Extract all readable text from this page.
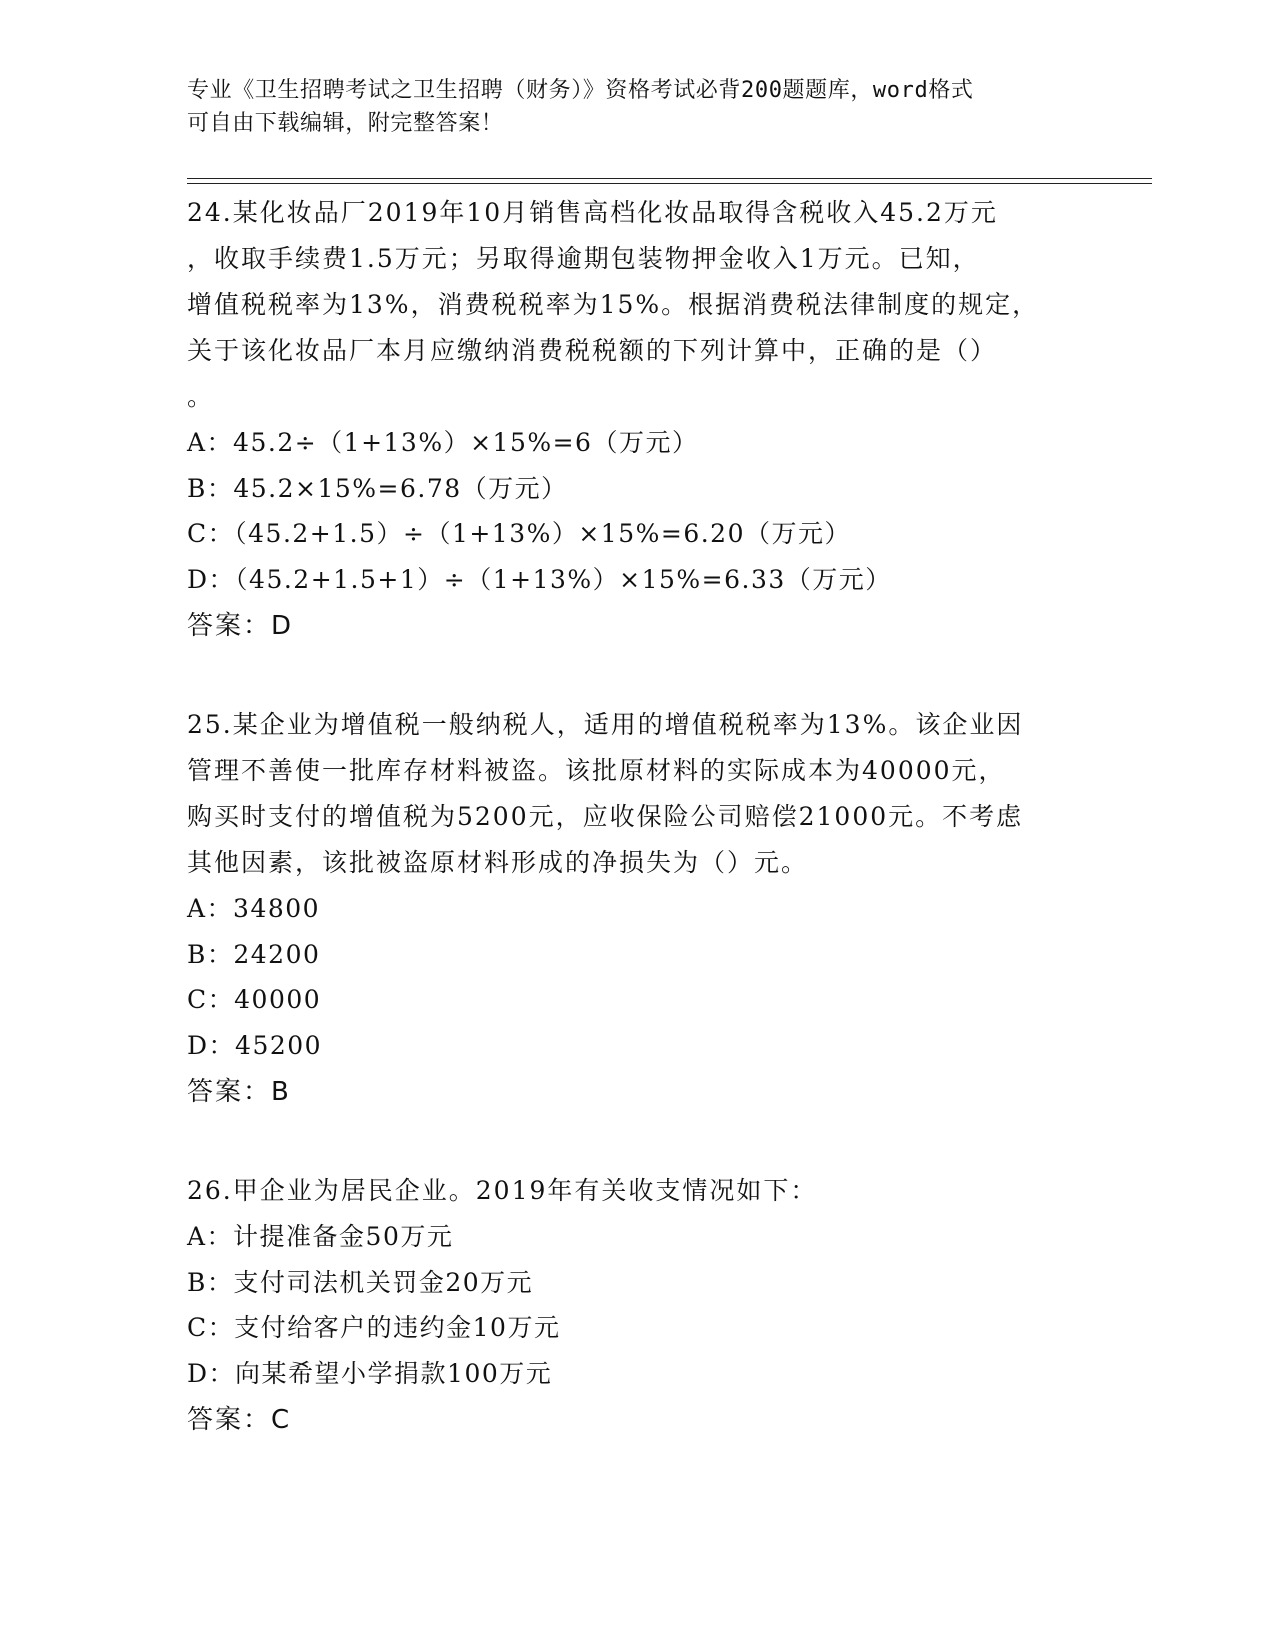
专业《卫生招聘考试之卫生招聘（财务）》资格考试必背200题题库，word格式
可自由下载编辑，附完整答案！

24.某化妆品厂2019年10月销售高档化妆品取得含税收入45.2万元

，收取手续费1.5万元；另取得逾期包装物押金收入1万元。已知，

增值税税率为13%，消费税税率为15%。根据消费税法律制度的规定，

关于该化妆品厂本月应缴纳消费税税额的下列计算中，正确的是（）

。

A：45.2÷（1+13%）×15%=6（万元）

B：45.2×15%=6.78（万元）

C：（45.2+1.5）÷（1+13%）×15%=6.20（万元）

D：（45.2+1.5+1）÷（1+13%）×15%=6.33（万元）

答案：D

25.某企业为增值税一般纳税人，适用的增值税税率为13%。该企业因

管理不善使一批库存材料被盗。该批原材料的实际成本为40000元，

购买时支付的增值税为5200元，应收保险公司赔偿21000元。不考虑

其他因素，该批被盗原材料形成的净损失为（）元。

A：34800

B：24200

C：40000

D：45200

答案：B

26.甲企业为居民企业。2019年有关收支情况如下：

A：计提准备金50万元

B：支付司法机关罚金20万元

C：支付给客户的违约金10万元

D：向某希望小学捐款100万元

答案：C
